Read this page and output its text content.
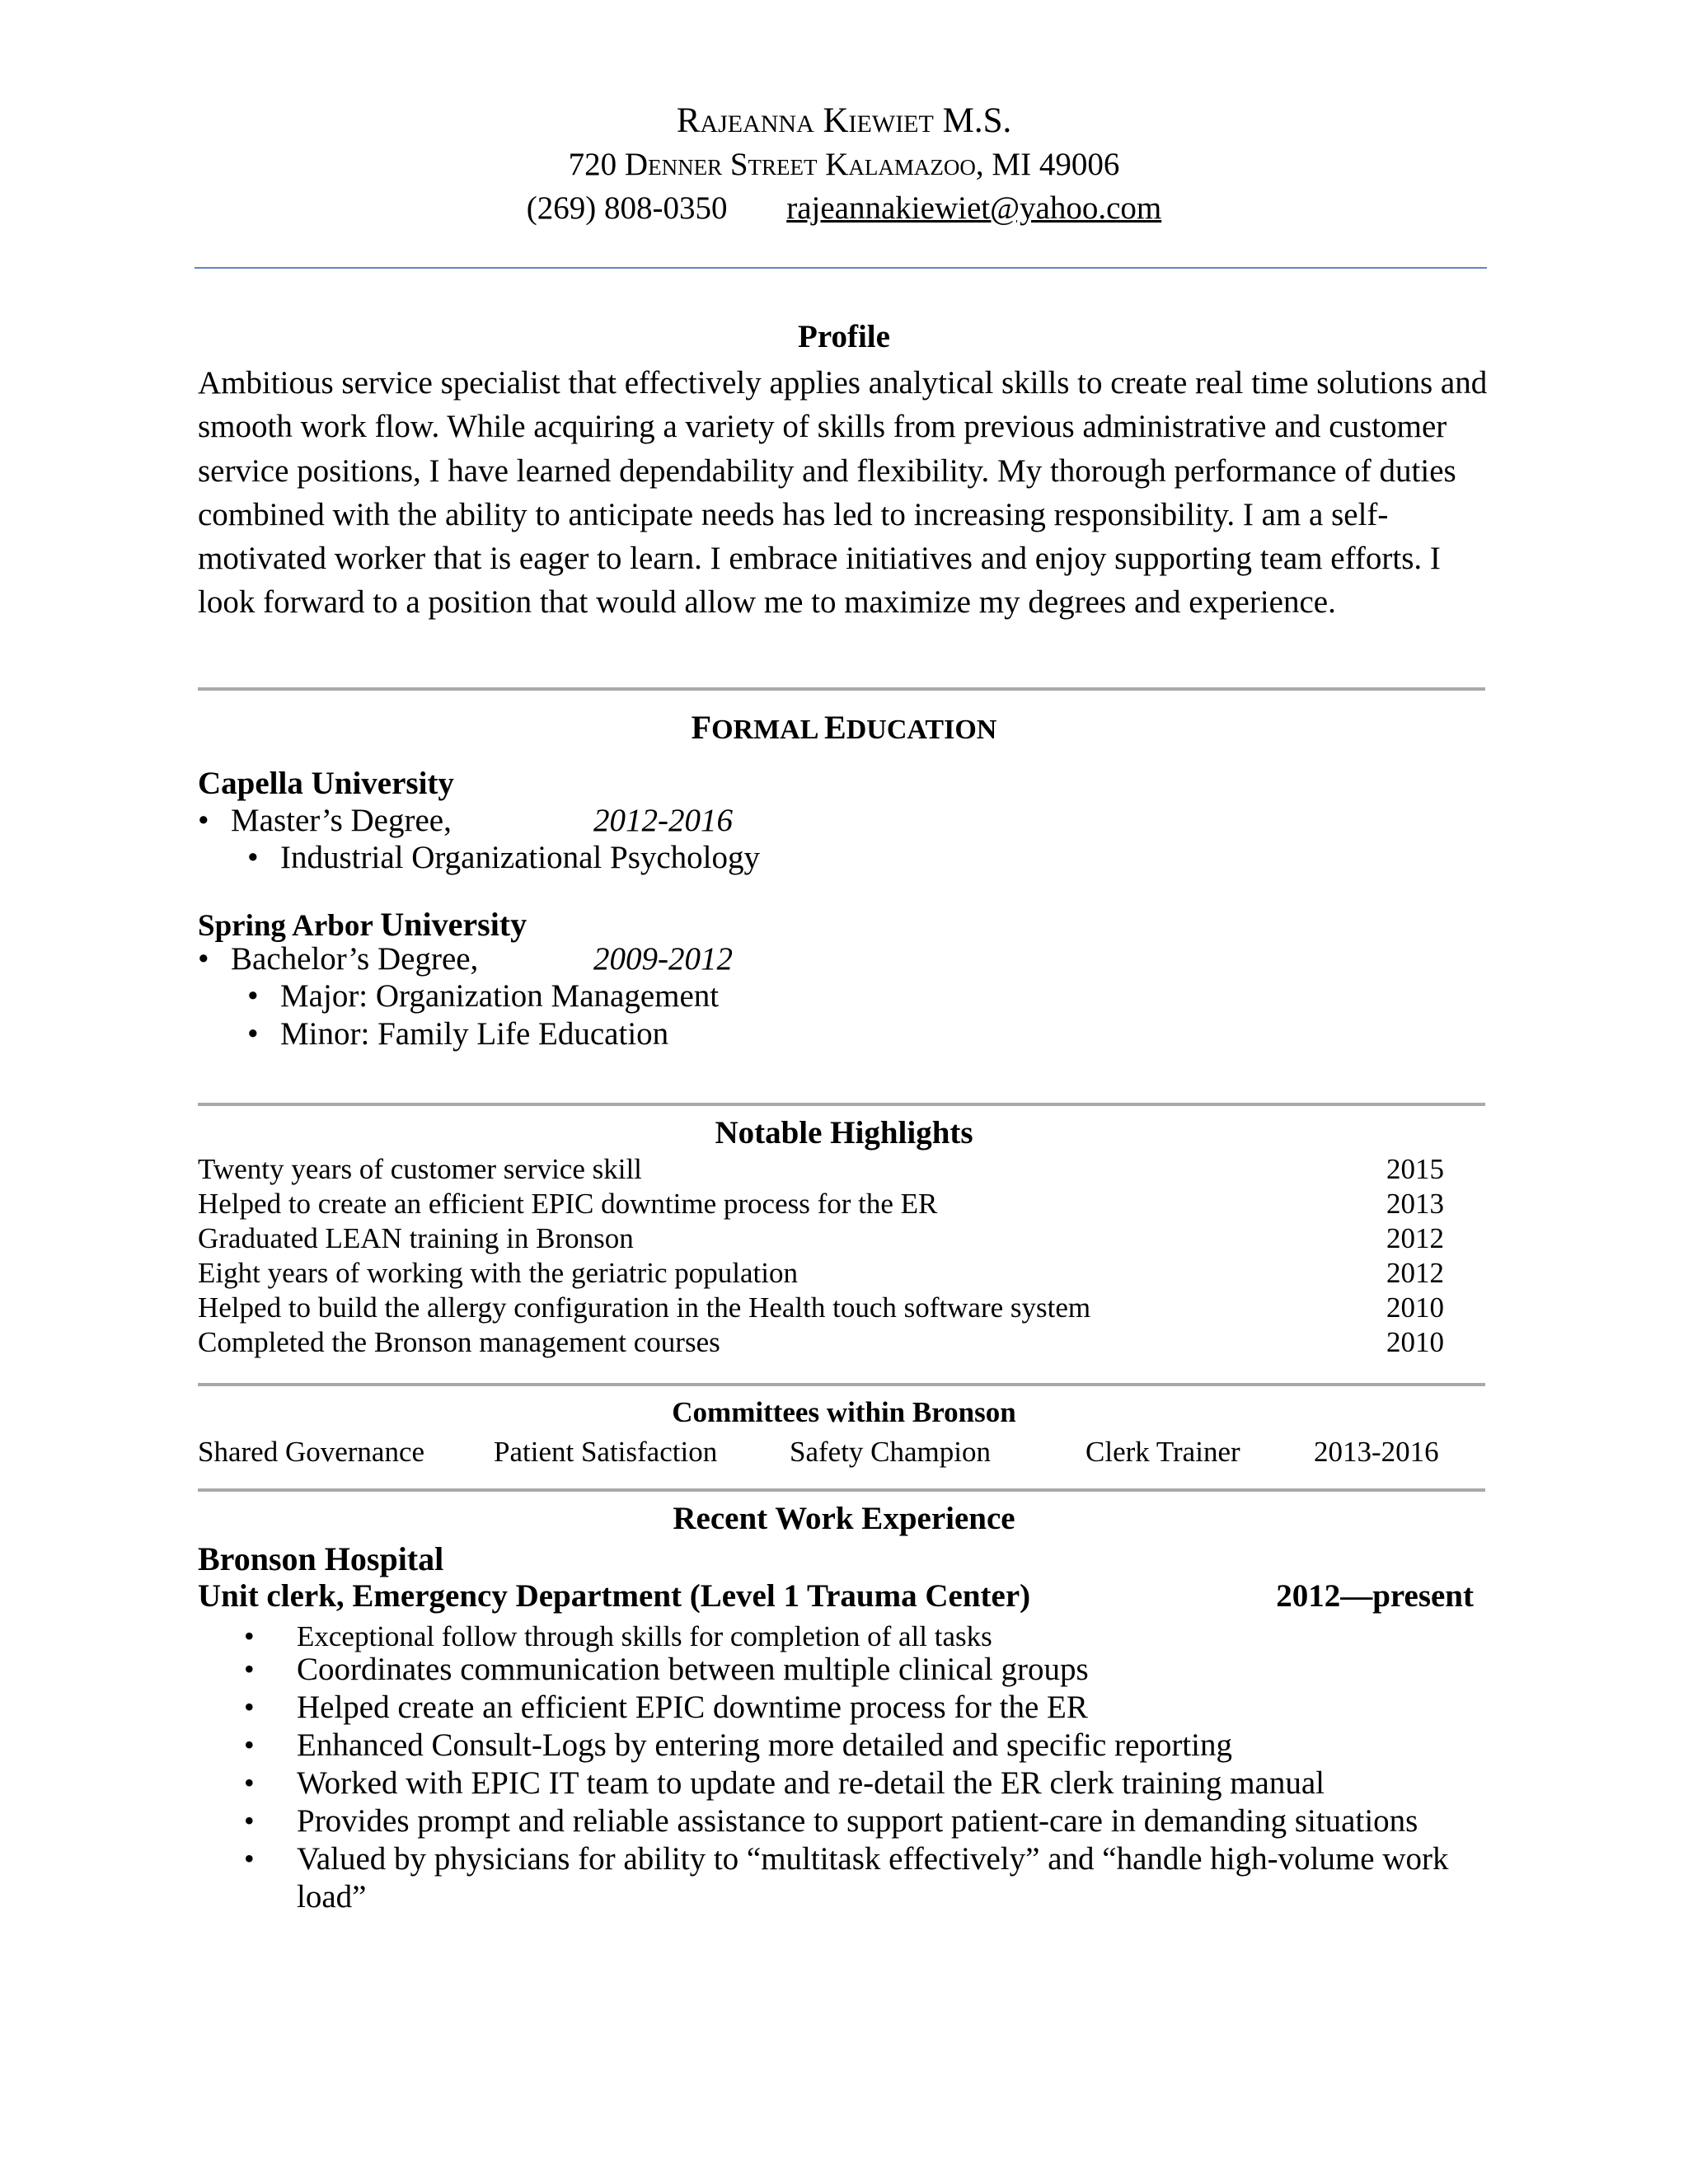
Rajeanna Kiewiet M.S.
720 Denner Street Kalamazoo, MI 49006
(269) 808-0350 rajeannakiewiet@yahoo.com
Profile
Ambitious service specialist that effectively applies analytical skills to create real time solutions and smooth work flow. While acquiring a variety of skills from previous administrative and customer service positions, I have learned dependability and flexibility. My thorough performance of duties combined with the ability to anticipate needs has led to increasing responsibility. I am a self-motivated worker that is eager to learn. I embrace initiatives and enjoy supporting team efforts. I look forward to a position that would allow me to maximize my degrees and experience.
FORMAL EDUCATION
Capella University
• Master’s Degree,	2012-2016
• Industrial Organizational Psychology
Spring Arbor University
• Bachelor’s Degree,	2009-2012
• Major: Organization Management
• Minor: Family Life Education
Notable Highlights
Twenty years of customer service skill	2015
Helped to create an efficient EPIC downtime process for the ER	2013
Graduated LEAN training in Bronson	2012
Eight years of working with the geriatric population	2012
Helped to build the allergy configuration in the Health touch software system	2010
Completed the Bronson management courses	2010
Committees within Bronson
Shared Governance Patient Satisfaction	Safety Champion	Clerk Trainer	2013-2016
Recent Work Experience
Bronson Hospital
Unit clerk, Emergency Department (Level 1 Trauma Center)	2012—present
• Exceptional follow through skills for completion of all tasks
• Coordinates communication between multiple clinical groups
• Helped create an efficient EPIC downtime process for the ER
• Enhanced Consult-Logs by entering more detailed and specific reporting
• Worked with EPIC IT team to update and re-detail the ER clerk training manual
• Provides prompt and reliable assistance to support patient-care in demanding situations
• Valued by physicians for ability to “multitask effectively” and “handle high-volume work load”
